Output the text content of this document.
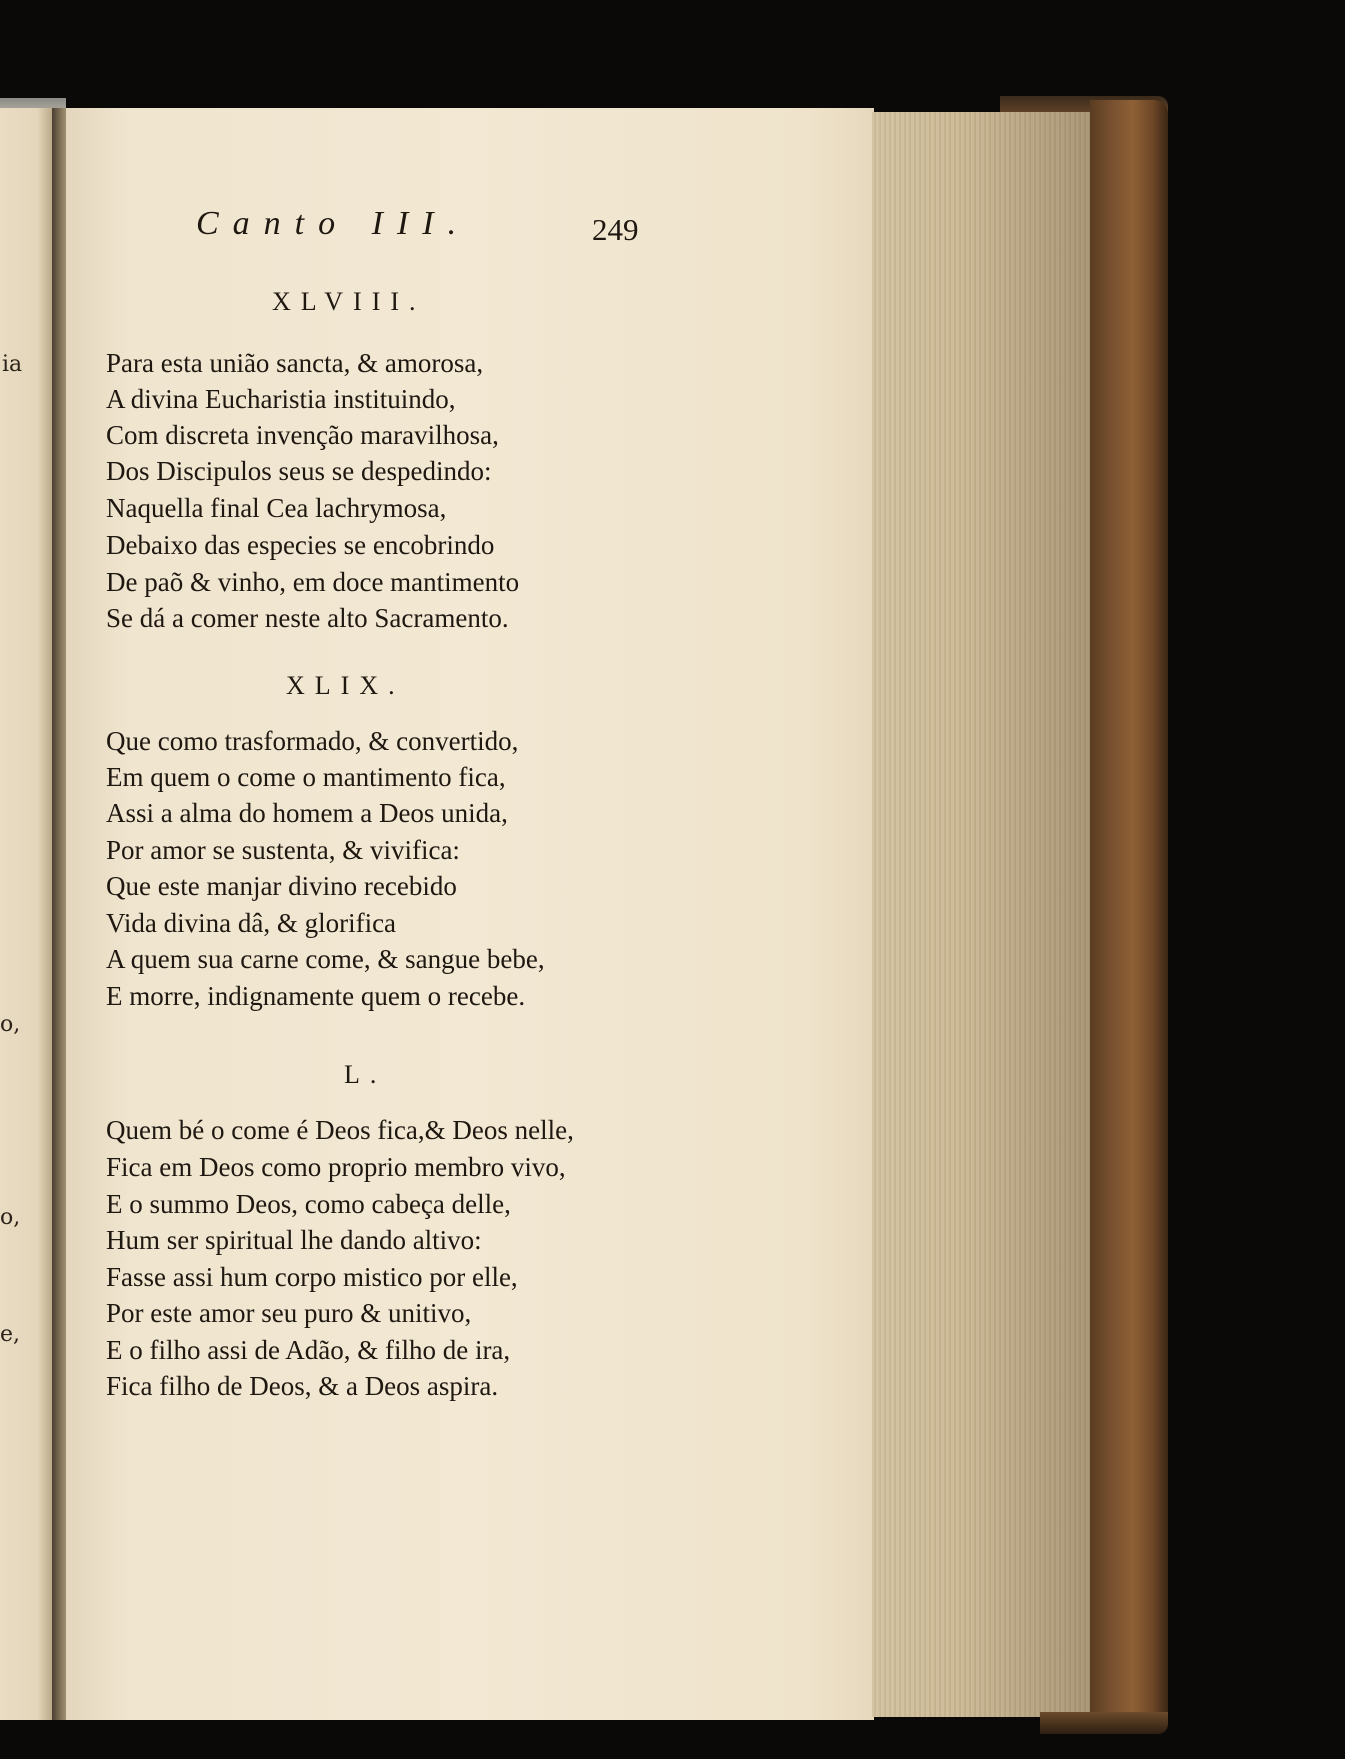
ia
o,
o,
e,
Canto III.	249
XLVIII.
Para esta união sancta, & amorosa,
A divina Eucharistia instituindo,
Com discreta invenção maravilhosa,
Dos Discipulos seus se despedindo:
Naquella final Cea lachrymosa,
Debaixo das especies se encobrindo
De paõ & vinho, em doce mantimento
Se dá a comer neste alto Sacramento.
XLIX.
Que como trasformado, & convertido,
Em quem o come o mantimento fica,
Assi a alma do homem a Deos unida,
Por amor se sustenta, & vivifica:
Que este manjar divino recebido
Vida divina dâ, & glorifica
A quem sua carne come, & sangue bebe,
E morre, indignamente quem o recebe.
L.
Quem bé o come é Deos fica,& Deos nelle,
Fica em Deos como proprio membro vivo,
E o summo Deos, como cabeça delle,
Hum ser spiritual lhe dando altivo:
Fasse assi hum corpo mistico por elle,
Por este amor seu puro & unitivo,
E o filho assi de Adão, & filho de ira,
Fica filho de Deos, & a Deos aspira.
